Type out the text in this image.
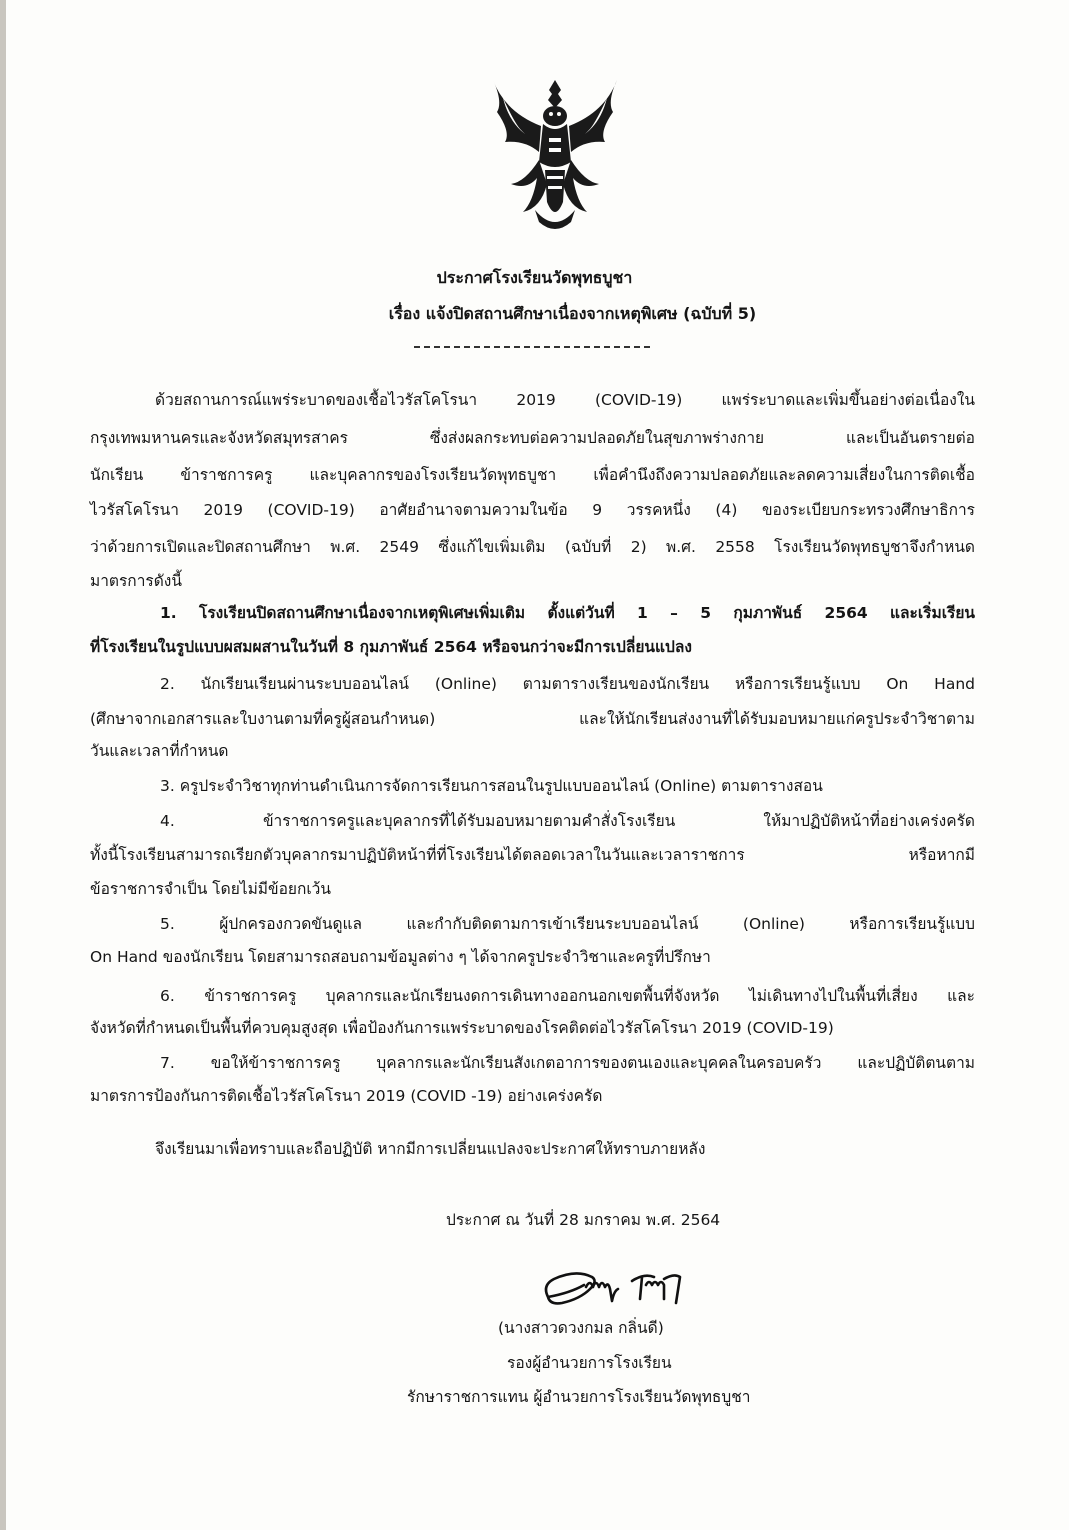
ประกาศโรงเรียนวัดพุทธบูชา
เรื่อง แจ้งปิดสถานศึกษาเนื่องจากเหตุพิเศษ (ฉบับที่ 5)
ด้วยสถานการณ์แพร่ระบาดของเชื้อไวรัสโคโรนา 2019 (COVID-19) แพร่ระบาดและเพิ่มขึ้นอย่างต่อเนื่องใน
กรุงเทพมหานครและจังหวัดสมุทรสาคร ซึ่งส่งผลกระทบต่อความปลอดภัยในสุขภาพร่างกาย และเป็นอันตรายต่อ
นักเรียน ข้าราชการครู และบุคลากรของโรงเรียนวัดพุทธบูชา เพื่อคำนึงถึงความปลอดภัยและลดความเสี่ยงในการติดเชื้อ
ไวรัสโคโรนา 2019 (COVID-19) อาศัยอำนาจตามความในข้อ 9 วรรคหนึ่ง (4) ของระเบียบกระทรวงศึกษาธิการ
ว่าด้วยการเปิดและปิดสถานศึกษา พ.ศ. 2549 ซึ่งแก้ไขเพิ่มเติม (ฉบับที่ 2) พ.ศ. 2558 โรงเรียนวัดพุทธบูชาจึงกำหนด
มาตรการดังนี้
1. โรงเรียนปิดสถานศึกษาเนื่องจากเหตุพิเศษเพิ่มเติม ตั้งแต่วันที่ 1 – 5 กุมภาพันธ์ 2564 และเริ่มเรียน
ที่โรงเรียนในรูปแบบผสมผสานในวันที่ 8 กุมภาพันธ์ 2564 หรือจนกว่าจะมีการเปลี่ยนแปลง
2. นักเรียนเรียนผ่านระบบออนไลน์ (Online) ตามตารางเรียนของนักเรียน หรือการเรียนรู้แบบ On Hand
(ศึกษาจากเอกสารและใบงานตามที่ครูผู้สอนกำหนด) และให้นักเรียนส่งงานที่ได้รับมอบหมายแก่ครูประจำวิชาตาม
วันและเวลาที่กำหนด
3. ครูประจำวิชาทุกท่านดำเนินการจัดการเรียนการสอนในรูปแบบออนไลน์ (Online) ตามตารางสอน
4. ข้าราชการครูและบุคลากรที่ได้รับมอบหมายตามคำสั่งโรงเรียน ให้มาปฏิบัติหน้าที่อย่างเคร่งครัด
ทั้งนี้โรงเรียนสามารถเรียกตัวบุคลากรมาปฏิบัติหน้าที่ที่โรงเรียนได้ตลอดเวลาในวันและเวลาราชการ หรือหากมี
ข้อราชการจำเป็น โดยไม่มีข้อยกเว้น
5. ผู้ปกครองกวดขันดูแล และกำกับติดตามการเข้าเรียนระบบออนไลน์ (Online) หรือการเรียนรู้แบบ
On Hand ของนักเรียน โดยสามารถสอบถามข้อมูลต่าง ๆ ได้จากครูประจำวิชาและครูที่ปรึกษา
6. ข้าราชการครู บุคลากรและนักเรียนงดการเดินทางออกนอกเขตพื้นที่จังหวัด ไม่เดินทางไปในพื้นที่เสี่ยง และ
จังหวัดที่กำหนดเป็นพื้นที่ควบคุมสูงสุด เพื่อป้องกันการแพร่ระบาดของโรคติดต่อไวรัสโคโรนา 2019 (COVID-19)
7. ขอให้ข้าราชการครู บุคลากรและนักเรียนสังเกตอาการของตนเองและบุคคลในครอบครัว และปฏิบัติตนตาม
มาตรการป้องกันการติดเชื้อไวรัสโคโรนา 2019 (COVID -19) อย่างเคร่งครัด
จึงเรียนมาเพื่อทราบและถือปฏิบัติ หากมีการเปลี่ยนแปลงจะประกาศให้ทราบภายหลัง
ประกาศ ณ วันที่ 28 มกราคม พ.ศ. 2564
(นางสาวดวงกมล กลิ่นดี)
รองผู้อำนวยการโรงเรียน
รักษาราชการแทน ผู้อำนวยการโรงเรียนวัดพุทธบูชา
